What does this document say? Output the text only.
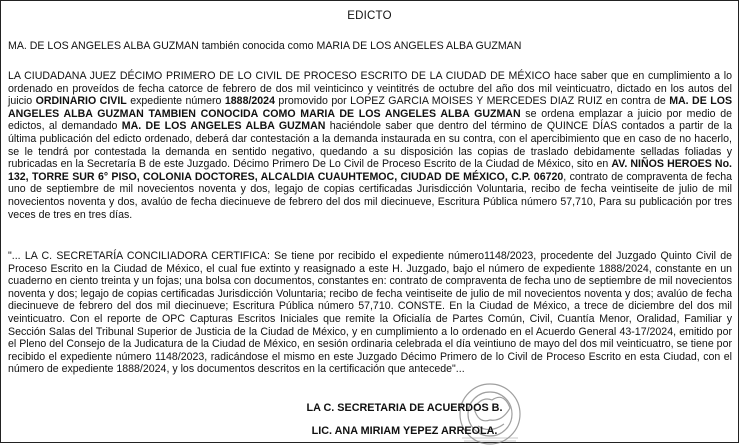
EDICTO
MA. DE LOS ANGELES ALBA GUZMAN también conocida como MARIA DE LOS ANGELES ALBA GUZMAN
LA CIUDADANA JUEZ DÉCIMO PRIMERO DE LO CIVIL DE PROCESO ESCRITO DE LA CIUDAD DE MÉXICO hace saber que en cumplimiento a lo ordenado en proveídos de fecha catorce de febrero de dos mil veinticinco y veintitrés de octubre del año dos mil veinticuatro, dictado en los autos del juicio ORDINARIO CIVIL expediente número 1888/2024 promovido por LOPEZ GARCIA MOISES Y MERCEDES DIAZ RUIZ en contra de MA. DE LOS ANGELES ALBA GUZMAN TAMBIEN CONOCIDA COMO MARIA DE LOS ANGELES ALBA GUZMAN se ordena emplazar a juicio por medio de edictos, al demandado MA. DE LOS ANGELES ALBA GUZMAN haciéndole saber que dentro del término de QUINCE DÍAS contados a partir de la última publicación del edicto ordenado, deberá dar contestación a la demanda instaurada en su contra, con el apercibimiento que en caso de no hacerlo, se le tendrá por contestada la demanda en sentido negativo, quedando a su disposición las copias de traslado debidamente selladas foliadas y rubricadas en la Secretaría B de este Juzgado. Décimo Primero De Lo Civil de Proceso Escrito de la Ciudad de México, sito en AV. NIÑOS HEROES No. 132, TORRE SUR 6° PISO, COLONIA DOCTORES, ALCALDIA CUAUHTEMOC, CIUDAD DE MÉXICO, C.P. 06720, contrato de compraventa de fecha uno de septiembre de mil novecientos noventa y dos, legajo de copias certificadas Jurisdicción Voluntaria, recibo de fecha veintiseite de julio de mil novecientos noventa y dos, avalúo de fecha diecinueve de febrero del dos mil diecinueve, Escritura Pública número 57,710, Para su publicación por tres veces de tres en tres días.
"... LA C. SECRETARÍA CONCILIADORA CERTIFICA: Se tiene por recibido el expediente número1148/2023, procedente del Juzgado Quinto Civil de Proceso Escrito en la Ciudad de México, el cual fue extinto y reasignado a este H. Juzgado, bajo el número de expediente 1888/2024, constante en un cuaderno en ciento treinta y un fojas; una bolsa con documentos, constantes en: contrato de compraventa de fecha uno de septiembre de mil novecientos noventa y dos; legajo de copias certificadas Jurisdicción Voluntaria; recibo de fecha veintiseite de julio de mil novecientos noventa y dos; avalúo de fecha diecinueve de febrero del dos mil diecinueve; Escritura Pública número 57,710. CONSTE. En la Ciudad de México, a trece de diciembre del dos mil veinticuatro. Con el reporte de OPC Capturas Escritos Iniciales que remite la Oficialía de Partes Común, Civil, Cuantía Menor, Oralidad, Familiar y Sección Salas del Tribunal Superior de Justicia de la Ciudad de México, y en cumplimiento a lo ordenado en el Acuerdo General 43-17/2024, emitido por el Pleno del Consejo de la Judicatura de la Ciudad de México, en sesión ordinaria celebrada el día veintiuno de mayo del dos mil veinticuatro, se tiene por recibido el expediente número 1148/2023, radicándose el mismo en este Juzgado Décimo Primero de lo Civil de Proceso Escrito en esta Ciudad, con el número de expediente 1888/2024, y los documentos descritos en la certificación que antecede"...
LA C. SECRETARIA DE ACUERDOS B.
LIC. ANA MIRIAM YEPEZ ARREOLA.
